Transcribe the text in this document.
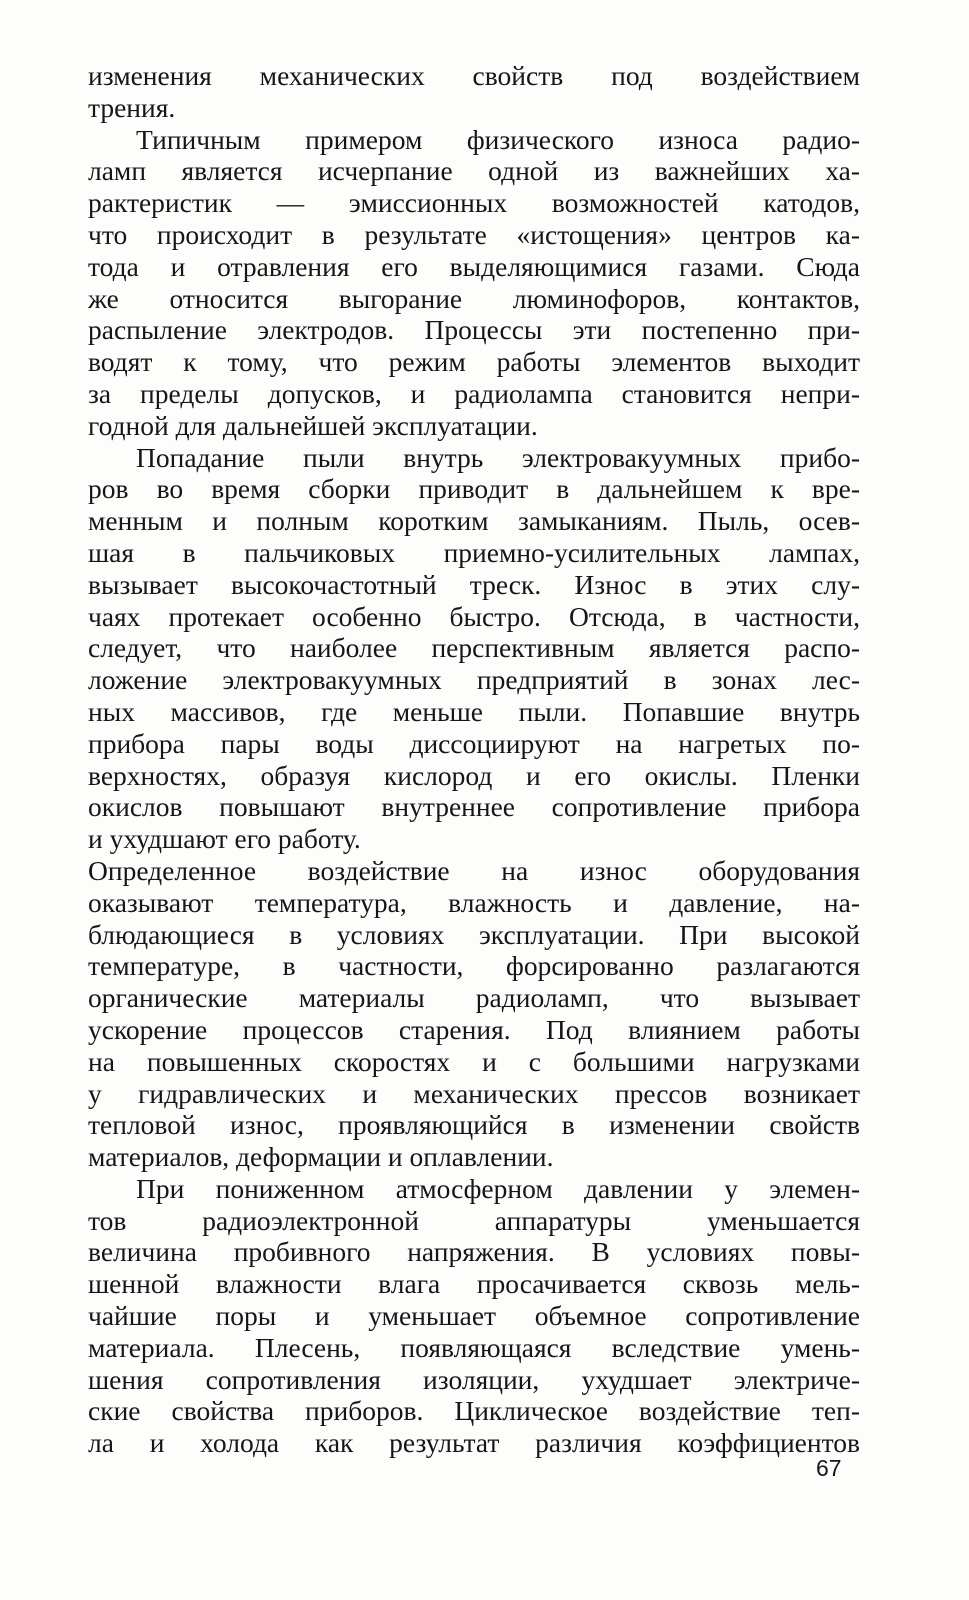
изменения механических свойств под воздействием
трения.
Типичным примером физического износа радио-
ламп является исчерпание одной из важнейших ха-
рактеристик — эмиссионных возможностей катодов,
что происходит в результате «истощения» центров ка-
тода и отравления его выделяющимися газами. Сюда
же относится выгорание люминофоров, контактов,
распыление электродов. Процессы эти постепенно при-
водят к тому, что режим работы элементов выходит
за пределы допусков, и радиолампа становится непри-
годной для дальнейшей эксплуатации.
Попадание пыли внутрь электровакуумных прибо-
ров во время сборки приводит в дальнейшем к вре-
менным и полным коротким замыканиям. Пыль, осев-
шая в пальчиковых приемно-усилительных лампах,
вызывает высокочастотный треск. Износ в этих слу-
чаях протекает особенно быстро. Отсюда, в частности,
следует, что наиболее перспективным является распо-
ложение электровакуумных предприятий в зонах лес-
ных массивов, где меньше пыли. Попавшие внутрь
прибора пары воды диссоциируют на нагретых по-
верхностях, образуя кислород и его окислы. Пленки
окислов повышают внутреннее сопротивление прибора
и ухудшают его работу.
Определенное воздействие на износ оборудования
оказывают температура, влажность и давление, на-
блюдающиеся в условиях эксплуатации. При высокой
температуре, в частности, форсированно разлагаются
органические материалы радиоламп, что вызывает
ускорение процессов старения. Под влиянием работы
на повышенных скоростях и с большими нагрузками
у гидравлических и механических прессов возникает
тепловой износ, проявляющийся в изменении свойств
материалов, деформации и оплавлении.
При пониженном атмосферном давлении у элемен-
тов радиоэлектронной аппаратуры уменьшается
величина пробивного напряжения. В условиях повы-
шенной влажности влага просачивается сквозь мель-
чайшие поры и уменьшает объемное сопротивление
материала. Плесень, появляющаяся вследствие умень-
шения сопротивления изоляции, ухудшает электриче-
ские свойства приборов. Циклическое воздействие теп-
ла и холода как результат различия коэффициентов
67
